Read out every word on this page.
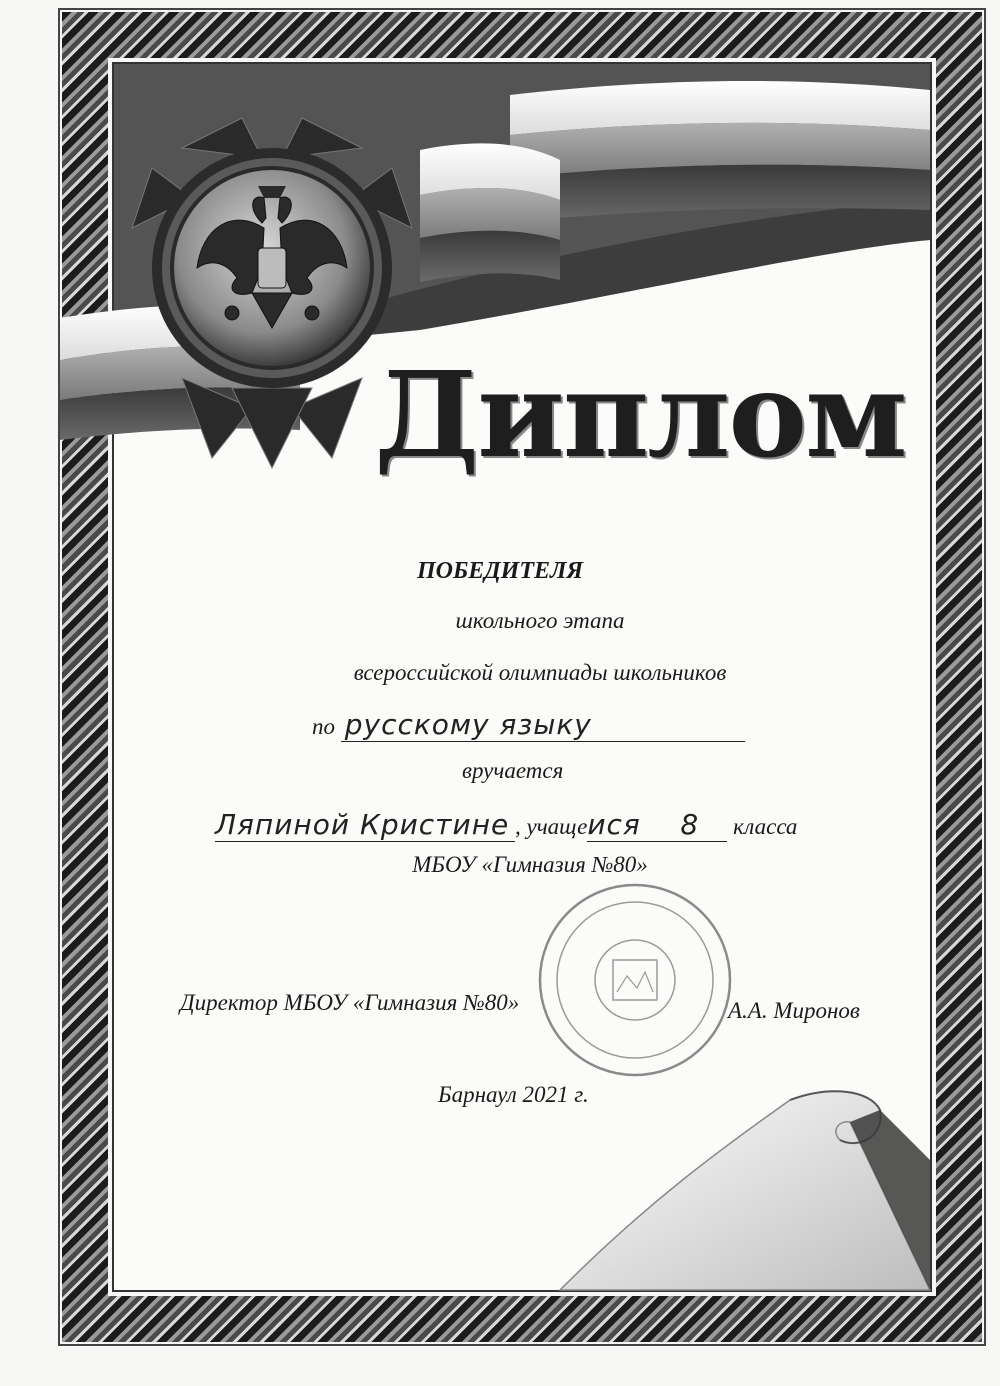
Диплом
ПОБЕДИТЕЛЯ
школьного этапа
всероссийской олимпиады школьников
по русскому языку
вручается
Ляпиной Кристине , учащеися 8 класса
МБОУ «Гимназия №80»
Директор МБОУ «Гимназия №80»	А.А. Миронов
Барнаул 2021 г.
